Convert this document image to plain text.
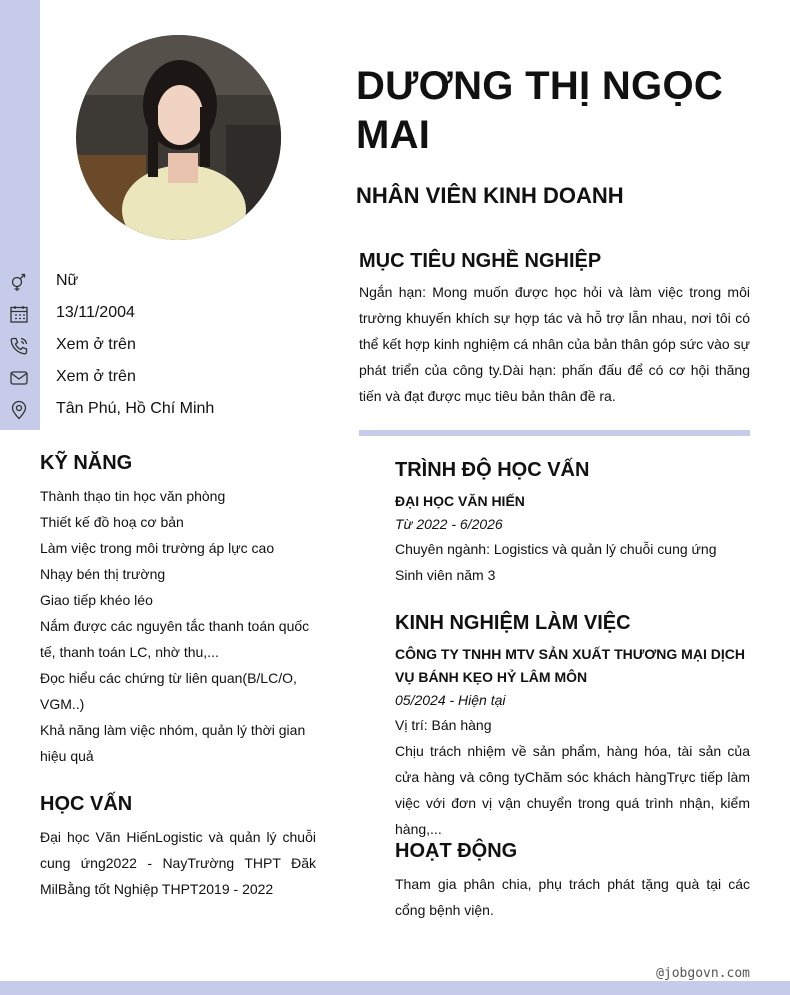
DƯƠNG THỊ NGỌC MAI
NHÂN VIÊN KINH DOANH
Nữ
13/11/2004
Xem ở trên
Xem ở trên
Tân Phú, Hồ Chí Minh
KỸ NĂNG
Thành thạo tin học văn phòng
Thiết kế đồ hoạ cơ bản
Làm việc trong môi trường áp lực cao
Nhạy bén thị trường
Giao tiếp khéo léo
Nắm được các nguyên tắc thanh toán quốc tế, thanh toán LC, nhờ thu,...
Đọc hiểu các chứng từ liên quan(B/LC/O, VGM..)
Khả năng làm việc nhóm, quản lý thời gian hiệu quả
HỌC VẤN

Đại học Văn HiếnLogistic và quản lý chuỗi cung ứng2022 - NayTrường THPT Đăk MilBằng tốt Nghiệp THPT2019 - 2022

MỤC TIÊU NGHỀ NGHIỆP

Ngắn hạn: Mong muốn được học hỏi và làm việc trong môi trường khuyến khích sự hợp tác và hỗ trợ lẫn nhau, nơi tôi có thể kết hợp kinh nghiệm cá nhân của bản thân góp sức vào sự phát triển của công ty.Dài hạn: phấn đấu để có cơ hội thăng tiến và đạt được mục tiêu bản thân đề ra.

TRÌNH ĐỘ HỌC VẤN

ĐẠI HỌC VĂN HIẾN

Từ 2022 - 6/2026

Chuyên ngành: Logistics và quản lý chuỗi cung ứng

Sinh viên năm 3

KINH NGHIỆM LÀM VIỆC

CÔNG TY TNHH MTV SẢN XUẤT THƯƠNG MẠI DỊCH VỤ BÁNH KẸO HỶ LÂM MÔN

05/2024 - Hiện tại

Vị trí: Bán hàng

Chịu trách nhiệm về sản phẩm, hàng hóa, tài sản của cửa hàng và công tyChăm sóc khách hàngTrực tiếp làm việc với đơn vị vận chuyển trong quá trình nhận, kiểm hàng,...

HOẠT ĐỘNG

Tham gia phân chia, phụ trách phát tặng quà tại các cổng bệnh viện.

@jobgovn.com
